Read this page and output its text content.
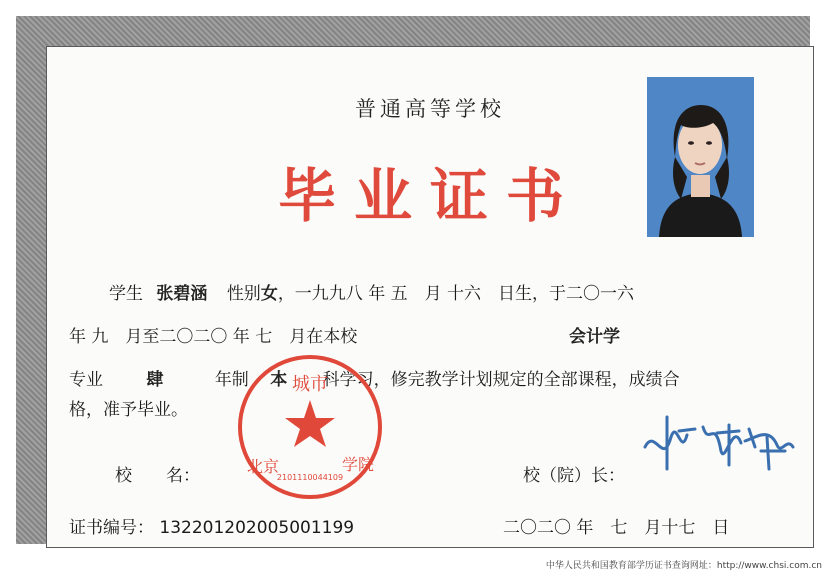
普通高等学校
毕业证书
学生 张碧涵 性别女，一九九八 年 五　月 十六　日生，于二〇一六
年 九　月至二〇二〇 年 七　月在本校	会计学
专业	肆	年制 本 科学习，修完教学计划规定的全部课程，成绩合
格，准予毕业。
校　　名：	校（院）长：
证书编号： 132201202005001199	二〇二〇 年　七　月十七　日
城市
北京	学院
2101110044109
中华人民共和国教育部学历证书查询网址：http://www.chsi.com.cn
